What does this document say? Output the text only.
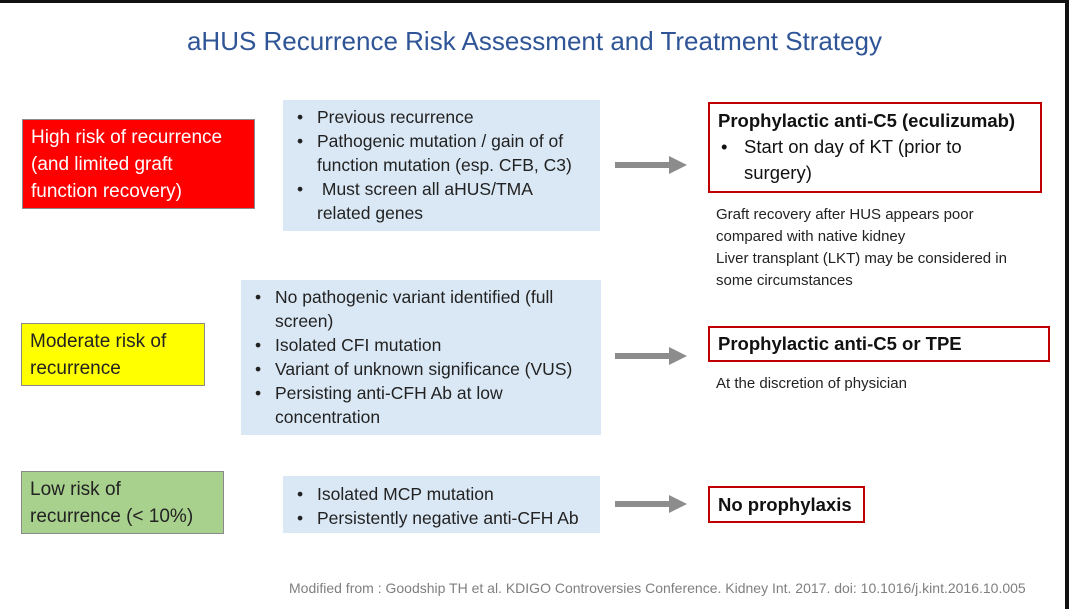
aHUS Recurrence Risk Assessment and Treatment Strategy
High risk of recurrence
(and limited graft
function recovery)
• Previous recurrence
• Pathogenic mutation / gain of of
function mutation (esp. CFB, C3)
•  Must screen all aHUS/TMA
related genes
Prophylactic anti-C5 (eculizumab)
• Start on day of KT (prior to
surgery)
Graft recovery after HUS appears poor
compared with native kidney
Liver transplant (LKT) may be considered in
some circumstances
Moderate risk of
recurrence
• No pathogenic variant identified (full
screen)
• Isolated CFI mutation
• Variant of unknown significance (VUS)
• Persisting anti-CFH Ab at low
concentration
Prophylactic anti-C5 or TPE
At the discretion of physician
Low risk of
recurrence (< 10%)
• Isolated MCP mutation
• Persistently negative anti-CFH Ab
No prophylaxis
Modified from : Goodship TH et al. KDIGO Controversies Conference. Kidney Int. 2017. doi: 10.1016/j.kint.2016.10.005
